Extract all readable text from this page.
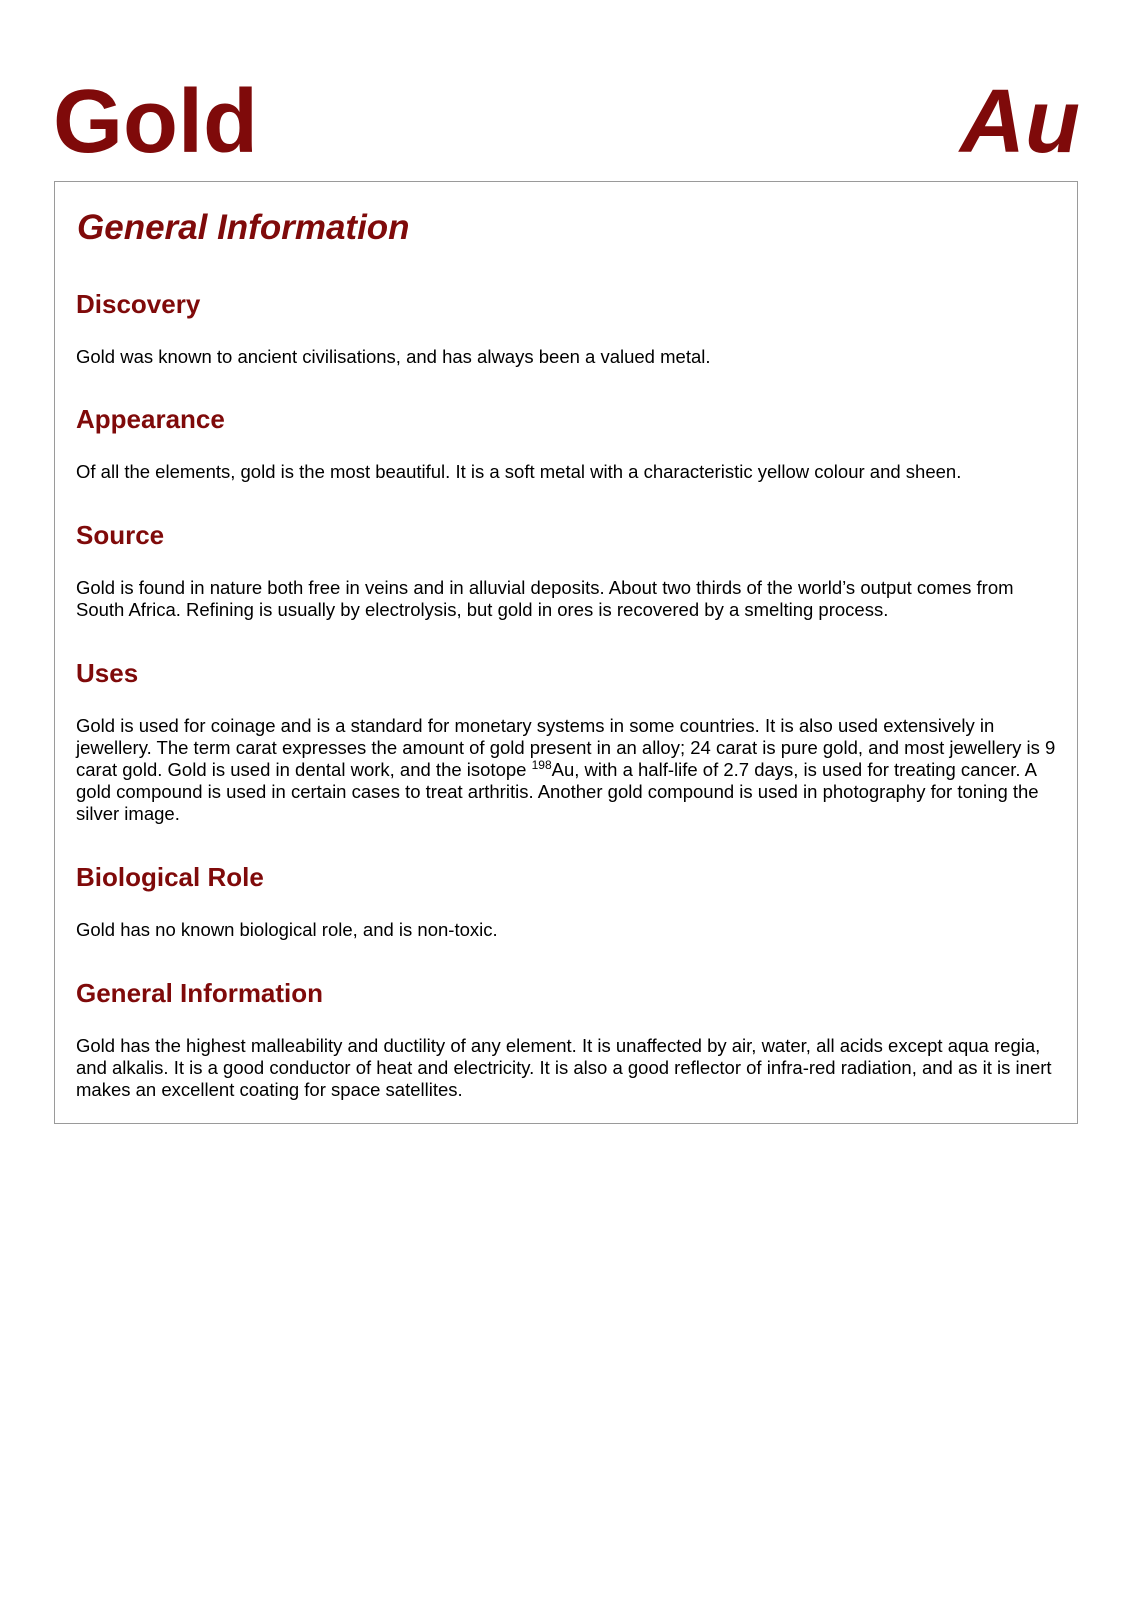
Gold	Au
General Information
Discovery

Gold was known to ancient civilisations, and has always been a valued metal.

Appearance

Of all the elements, gold is the most beautiful. It is a soft metal with a characteristic yellow colour and sheen.

Source

Gold is found in nature both free in veins and in alluvial deposits. About two thirds of the world’s output comes from South Africa. Refining is usually by electrolysis, but gold in ores is recovered by a smelting process.

Uses

Gold is used for coinage and is a standard for monetary systems in some countries. It is also used extensively in jewellery. The term carat expresses the amount of gold present in an alloy; 24 carat is pure gold, and most jewellery is 9 carat gold. Gold is used in dental work, and the isotope $^{198}$Au, with a half-life of 2.7 days, is used for treating cancer. A gold compound is used in certain cases to treat arthritis. Another gold compound is used in photography for toning the silver image.

Biological Role

Gold has no known biological role, and is non-toxic.

General Information

Gold has the highest malleability and ductility of any element. It is unaffected by air, water, all acids except aqua regia, and alkalis. It is a good conductor of heat and electricity. It is also a good reflector of infra-red radiation, and as it is inert makes an excellent coating for space satellites.
